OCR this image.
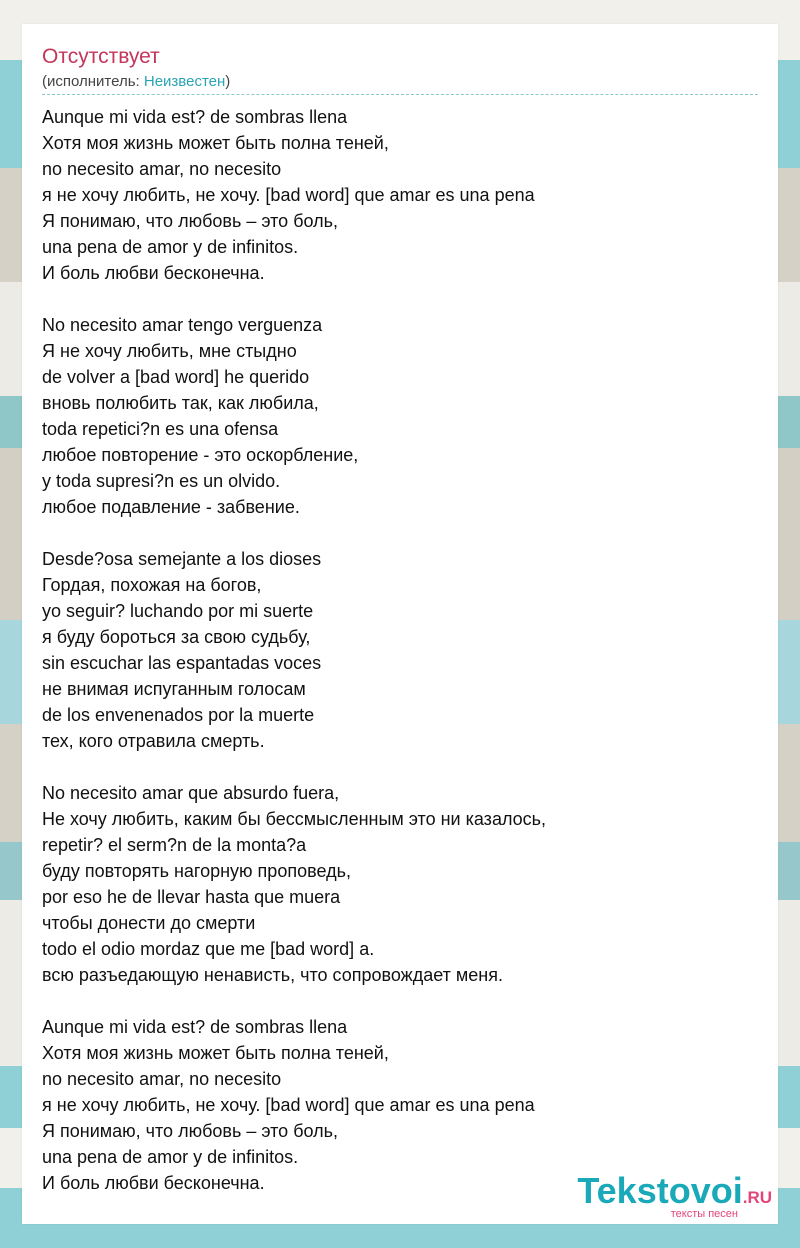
Отсутствует
(исполнитель: Неизвестен)
Aunque mi vida est? de sombras llena
Хотя моя жизнь может быть полна теней,
no necesito amar, no necesito
я не хочу любить, не хочу. [bad word] que amar es una pena
Я понимаю, что любовь – это боль,
una pena de amor y de infinitos.
И боль любви бесконечна.

No necesito amar tengo verguenza
Я не хочу любить, мне стыдно
de volver a [bad word] he querido
вновь полюбить так, как любила,
toda repetici?n es una ofensa
любое повторение - это оскорбление,
y toda supresi?n es un olvido.
любое подавление - забвение.

Desde?osa semejante a los dioses
Гордая, похожая на богов,
yo seguir? luchando por mi suerte
я буду бороться за свою судьбу,
sin escuchar las espantadas voces
не внимая испуганным голосам
de los envenenados por la muerte
тех, кого отравила смерть.

No necesito amar que absurdo fuera,
Не хочу любить, каким бы бессмысленным это ни казалось,
repetir? el serm?n de la monta?a
буду повторять нагорную проповедь,
por eso he de llevar hasta que muera
чтобы донести до смерти
todo el odio mordaz que me [bad word] a.
всю разъедающую ненависть, что сопровождает меня.

Aunque mi vida est? de sombras llena
Хотя моя жизнь может быть полна теней,
no necesito amar, no necesito
я не хочу любить, не хочу. [bad word] que amar es una pena
Я понимаю, что любовь – это боль,
una pena de amor y de infinitos.
И боль любви бесконечна.	Tekstovoi.RU
тексты песен
